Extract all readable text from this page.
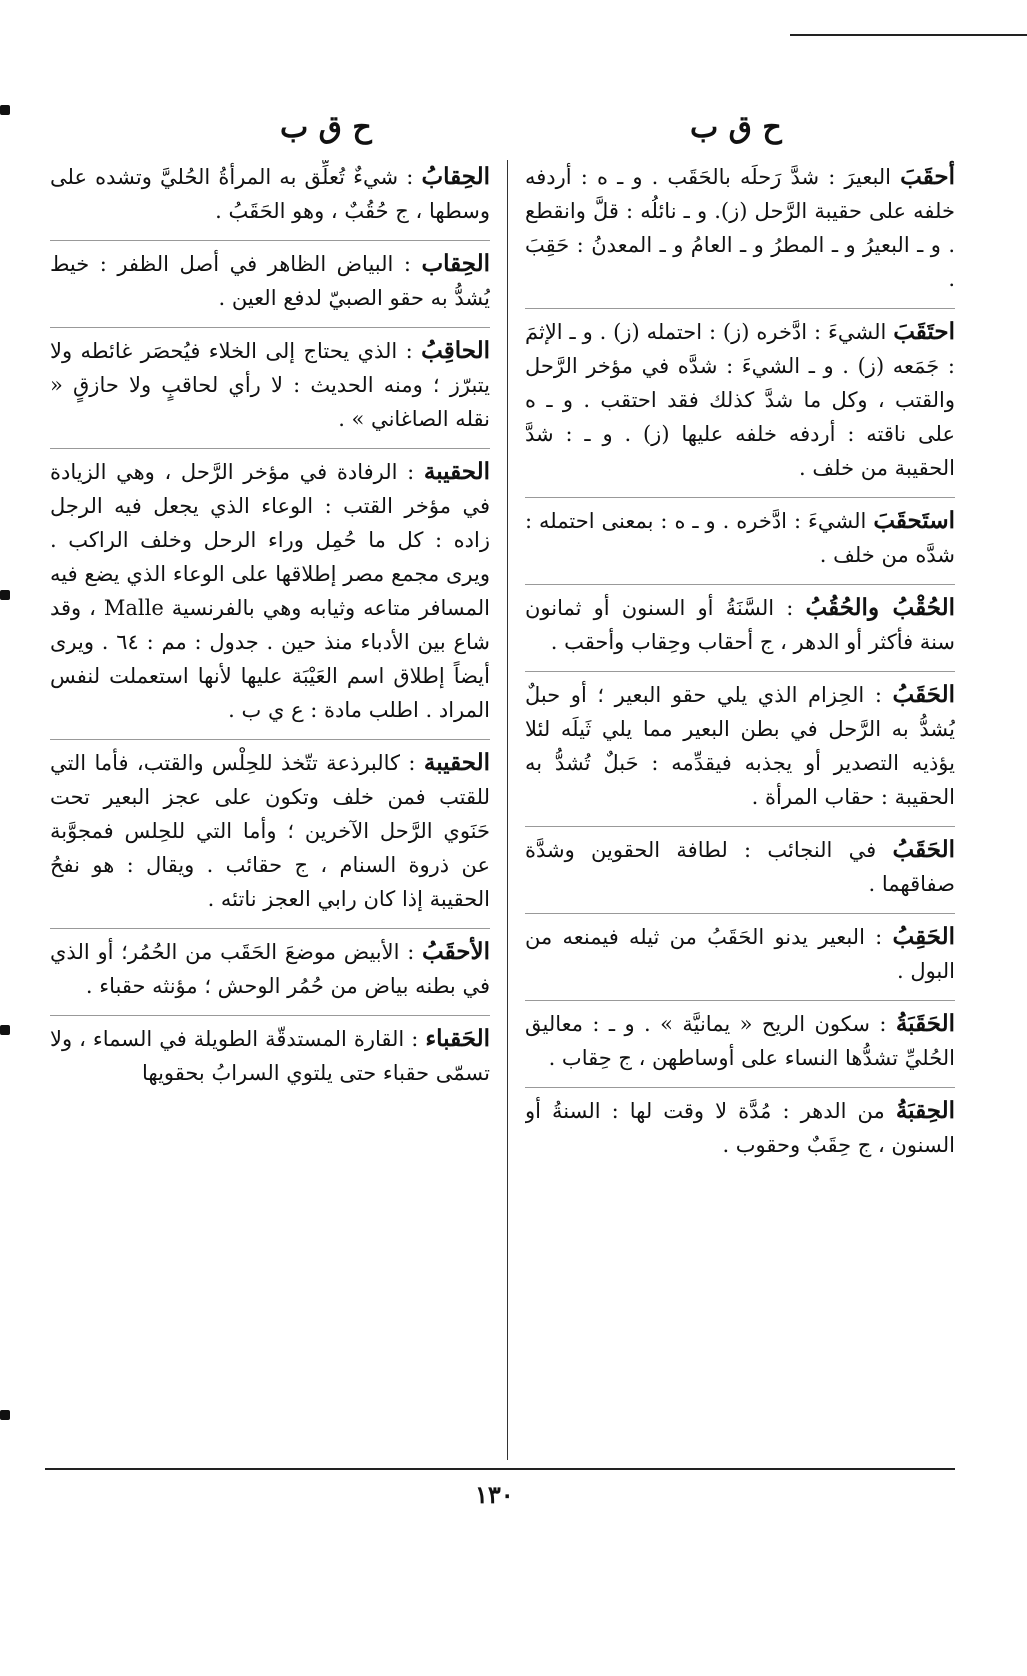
ح ق ب
ح ق ب
أحقَبَ البعيرَ : شدَّ رَحلَه بالحَقَب . و ـ ه : أردفه خلفه على حقيبة الرَّحل (ز). و ـ نائلُه : قلَّ وانقطع . و ـ البعيرُ و ـ المطرُ و ـ العامُ و ـ المعدنُ : حَقِبَ .
احتَقَبَ الشيءَ : ادَّخره (ز) : احتمله (ز) . و ـ الإثمَ : جَمَعه (ز) . و ـ الشيءَ : شدَّه في مؤخر الرَّحل والقتب ، وكل ما شدَّ كذلك فقد احتقب . و ـ ه على ناقته : أردفه خلفه عليها (ز) . و ـ : شدَّ الحقيبة من خلف .
استَحقَبَ الشيءَ : ادَّخره . و ـ ه : بمعنى احتمله : شدَّه من خلف .
الحُقْبُ والحُقُبُ : السَّنَةُ أو السنون أو ثمانون سنة فأكثر أو الدهر ، ج أحقاب وحِقاب وأحقب .
الحَقَبُ : الحِزام الذي يلي حقو البعير ؛ أو حبلٌ يُشدُّ به الرَّحل في بطن البعير مما يلي ثَيلَه لئلا يؤذيه التصدير أو يجذبه فيقدِّمه : حَبلٌ تُشدُّ به الحقيبة : حقاب المرأة .
الحَقَبُ في النجائب : لطافة الحقوين وشدَّة صفاقهما .
الحَقِبُ : البعير يدنو الحَقَبُ من ثيله فيمنعه من البول .
الحَقَبَةُ : سكون الريح « يمانيَّة » . و ـ : معاليق الحُليِّ تشدُّها النساء على أوساطهن ، ج حِقاب .
الحِقبَةُ من الدهر : مُدَّة لا وقت لها : السنةُ أو السنون ، ج حِقَبٌ وحقوب .
الحِقابُ : شيءٌ تُعلِّق به المرأةُ الحُليَّ وتشده على وسطها ، ج حُقُبٌ ، وهو الحَقَبُ .
الحِقاب : البياض الظاهر في أصل الظفر : خيط يُشدُّ به حقو الصبيّ لدفع العين .
الحاقِبُ : الذي يحتاج إلى الخلاء فيُحصَر غائطه ولا يتبرّز ؛ ومنه الحديث : لا رأي لحاقبٍ ولا حازقٍ « نقله الصاغاني » .
الحقيبة : الرفادة في مؤخر الرَّحل ، وهي الزيادة في مؤخر القتب : الوعاء الذي يجعل فيه الرجل زاده : كل ما حُمِل وراء الرحل وخلف الراكب . ويرى مجمع مصر إطلاقها على الوعاء الذي يضع فيه المسافر متاعه وثيابه وهي بالفرنسية Malle ، وقد شاع بين الأدباء منذ حين . جدول : مم : ٦٤ . ويرى أيضاً إطلاق اسم العَيْبَة عليها لأنها استعملت لنفس المراد . اطلب مادة : ع ي ب .
الحقيبة : كالبرذعة تتّخذ للحِلْس والقتب، فأما التي للقتب فمن خلف وتكون على عجز البعير تحت حَنَوي الرَّحل الآخرين ؛ وأما التي للحِلس فمجوَّبة عن ذروة السنام ، ج حقائب . ويقال : هو نفحُ الحقيبة إذا كان رابي العجز ناتئه .
الأحقَبُ : الأبيض موضعَ الحَقَب من الحُمُر؛ أو الذي في بطنه بياض من حُمُر الوحش ؛ مؤنثه حقباء .
الحَقباء : القارة المستدقّة الطويلة في السماء ، ولا تسمّى حقباء حتى يلتوي السرابُ بحقويها
١٣٠
